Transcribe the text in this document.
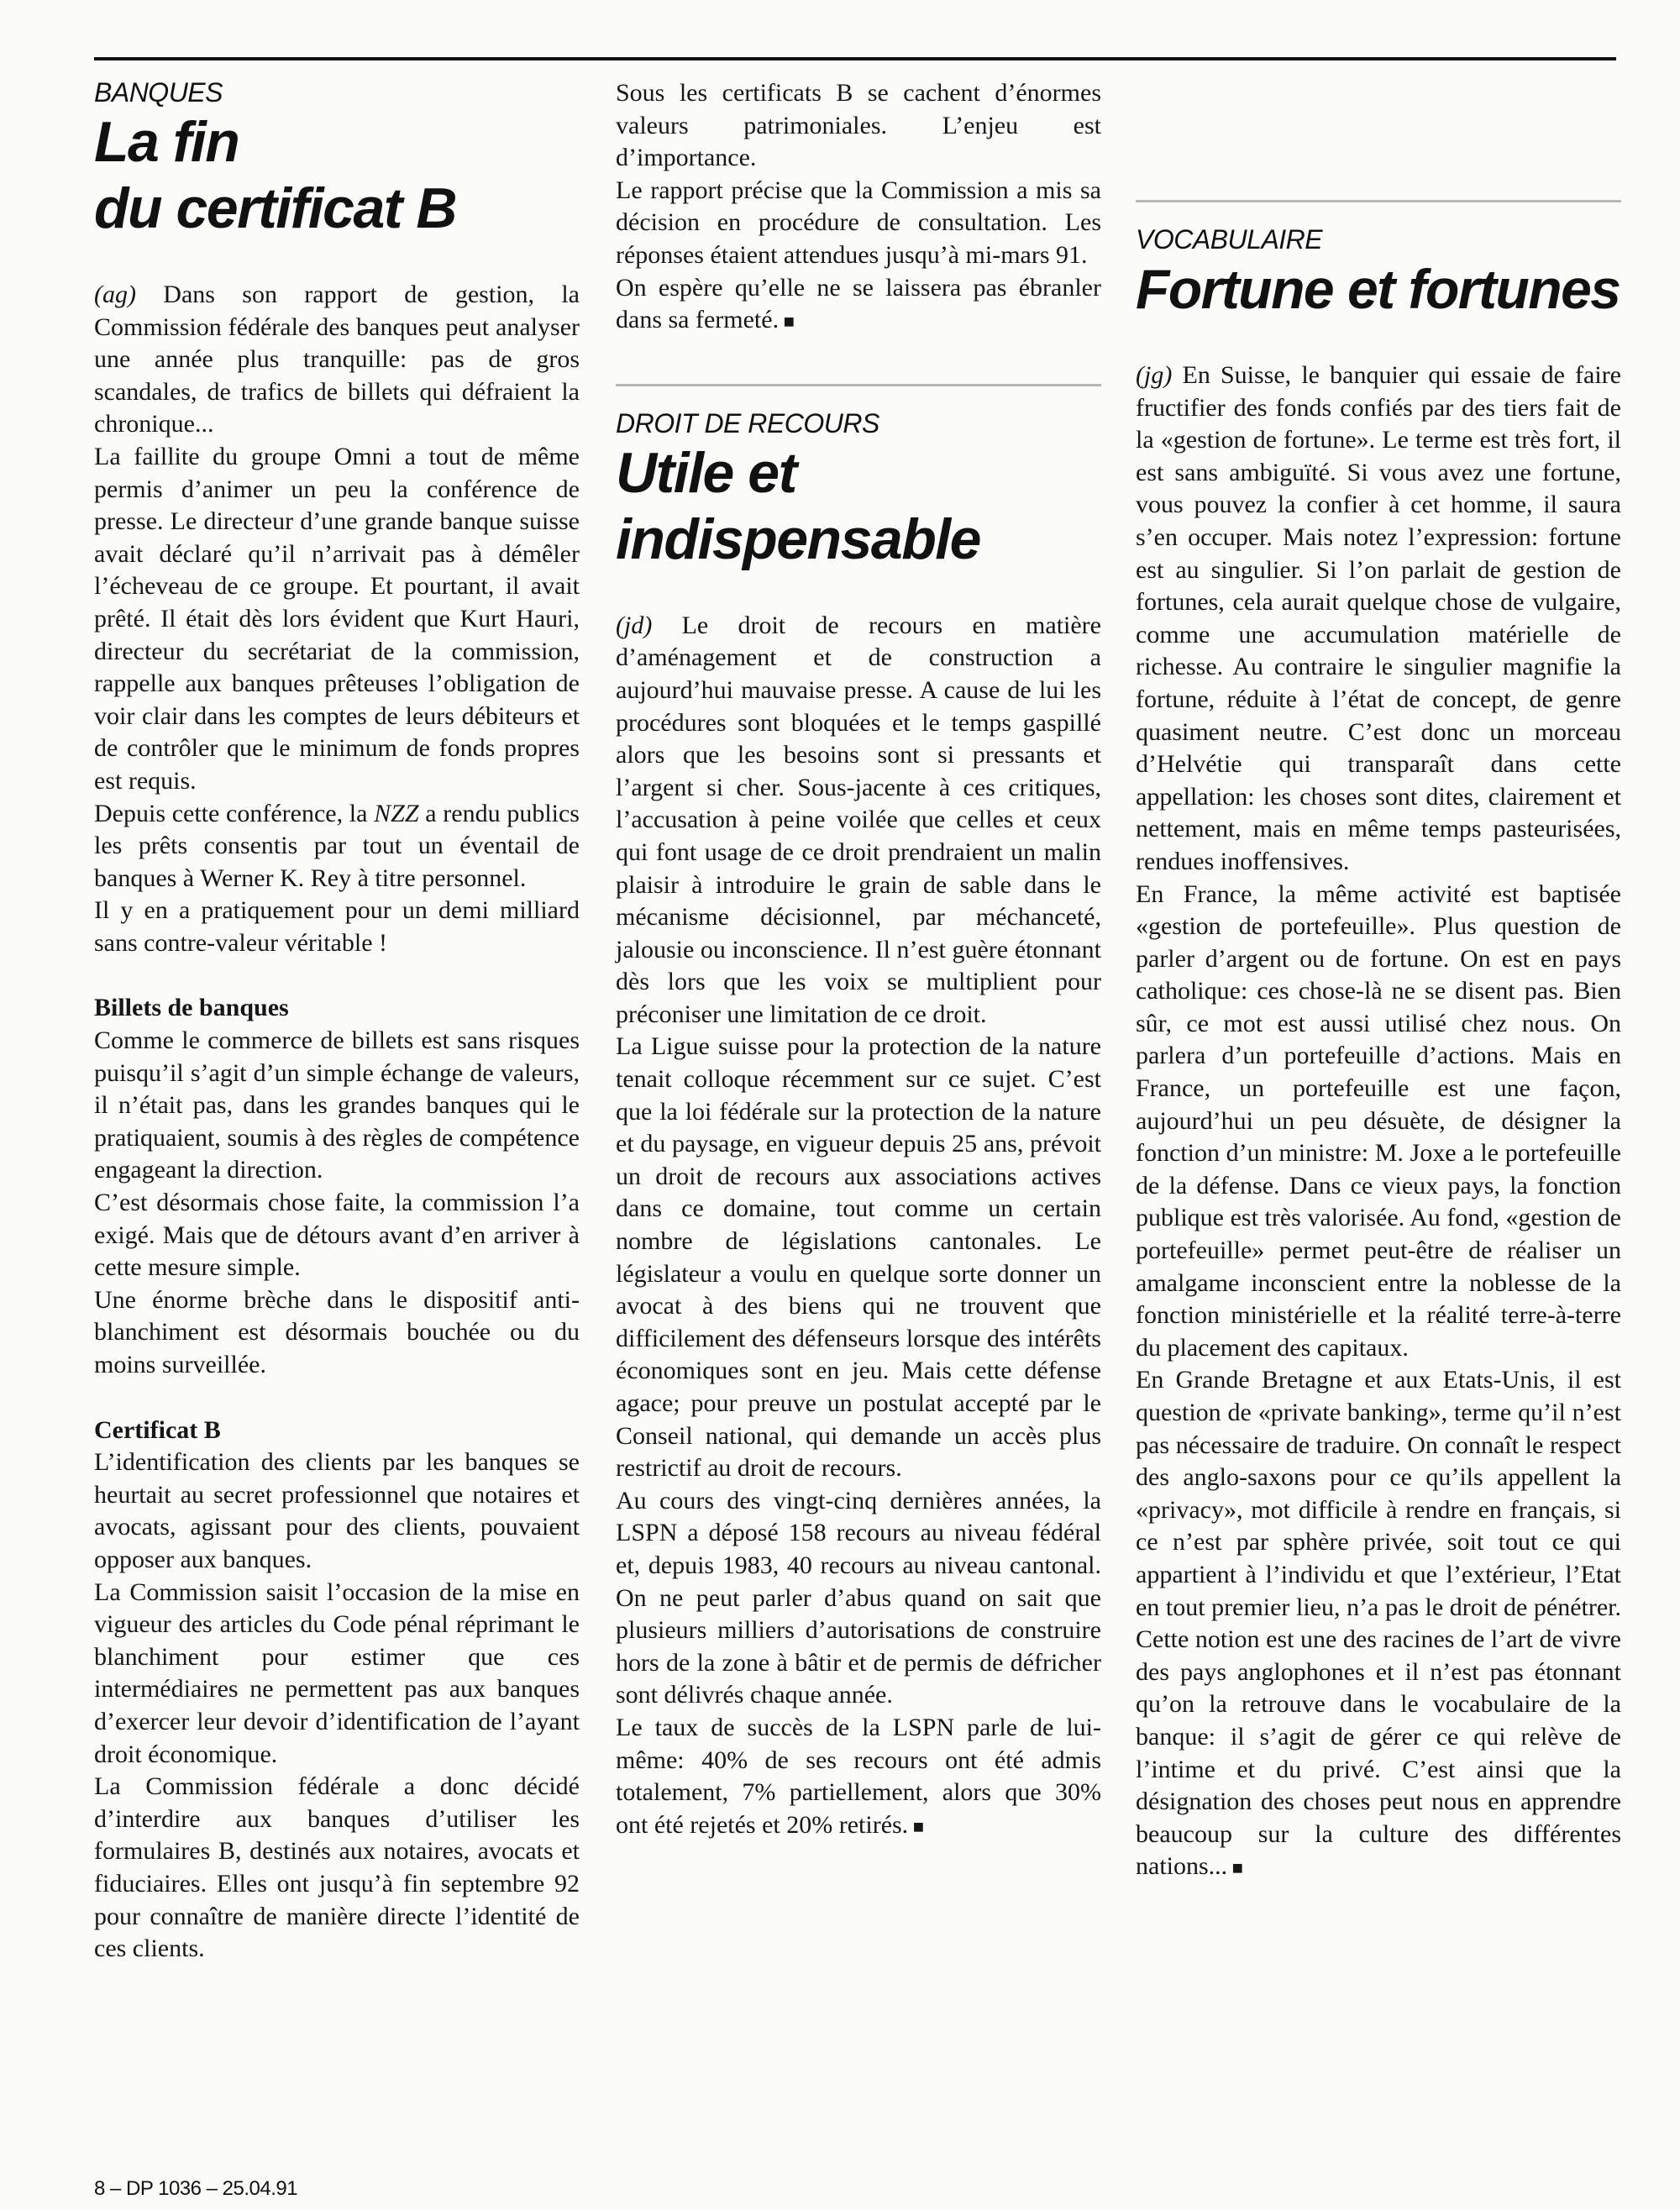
BANQUES
La fin
du certificat B

(ag) Dans son rapport de gestion, la Commission fédérale des banques peut analyser une année plus tranquille: pas de gros scandales, de trafics de billets qui défraient la chronique...

La faillite du groupe Omni a tout de même permis d’animer un peu la conférence de presse. Le directeur d’une grande banque suisse avait déclaré qu’il n’arrivait pas à démêler l’écheveau de ce groupe. Et pourtant, il avait prêté. Il était dès lors évident que Kurt Hauri, directeur du secrétariat de la commission, rappelle aux banques prêteuses l’obligation de voir clair dans les comptes de leurs débiteurs et de contrôler que le minimum de fonds propres est requis.

Depuis cette conférence, la NZZ a rendu publics les prêts consentis par tout un éventail de banques à Werner K. Rey à titre personnel.

Il y en a pratiquement pour un demi milliard sans contre-valeur véritable !

Billets de banques

Comme le commerce de billets est sans risques puisqu’il s’agit d’un simple échange de valeurs, il n’était pas, dans les grandes banques qui le pratiquaient, soumis à des règles de compétence engageant la direction.

C’est désormais chose faite, la commission l’a exigé. Mais que de détours avant d’en arriver à cette mesure simple.

Une énorme brèche dans le dispositif anti-blanchiment est désormais bouchée ou du moins surveillée.

Certificat B

L’identification des clients par les banques se heurtait au secret professionnel que notaires et avocats, agissant pour des clients, pouvaient opposer aux banques.

La Commission saisit l’occasion de la mise en vigueur des articles du Code pénal réprimant le blanchiment pour estimer que ces intermédiaires ne permettent pas aux banques d’exercer leur devoir d’identification de l’ayant droit économique.

La Commission fédérale a donc décidé d’interdire aux banques d’utiliser les formulaires B, destinés aux notaires, avocats et fiduciaires. Elles ont jusqu’à fin septembre 92 pour connaître de manière directe l’identité de ces clients.

Sous les certificats B se cachent d’énormes valeurs patrimoniales. L’enjeu est d’importance.

Le rapport précise que la Commission a mis sa décision en procédure de consultation. Les réponses étaient attendues jusqu’à mi-mars 91.

On espère qu’elle ne se laissera pas ébranler dans sa fermeté. ■

DROIT DE RECOURS
Utile et
indispensable

(jd) Le droit de recours en matière d’aménagement et de construction a aujourd’hui mauvaise presse. A cause de lui les procédures sont bloquées et le temps gaspillé alors que les besoins sont si pressants et l’argent si cher. Sous-jacente à ces critiques, l’accusation à peine voilée que celles et ceux qui font usage de ce droit prendraient un malin plaisir à introduire le grain de sable dans le mécanisme décisionnel, par méchanceté, jalousie ou inconscience. Il n’est guère étonnant dès lors que les voix se multiplient pour préconiser une limitation de ce droit.

La Ligue suisse pour la protection de la nature tenait colloque récemment sur ce sujet. C’est que la loi fédérale sur la protection de la nature et du paysage, en vigueur depuis 25 ans, prévoit un droit de recours aux associations actives dans ce domaine, tout comme un certain nombre de législations cantonales. Le législateur a voulu en quelque sorte donner un avocat à des biens qui ne trouvent que difficilement des défenseurs lorsque des intérêts économiques sont en jeu. Mais cette défense agace; pour preuve un postulat accepté par le Conseil national, qui demande un accès plus restrictif au droit de recours.

Au cours des vingt-cinq dernières années, la LSPN a déposé 158 recours au niveau fédéral et, depuis 1983, 40 recours au niveau cantonal. On ne peut parler d’abus quand on sait que plusieurs milliers d’autorisations de construire hors de la zone à bâtir et de permis de défricher sont délivrés chaque année.

Le taux de succès de la LSPN parle de lui-même: 40% de ses recours ont été admis totalement, 7% partiellement, alors que 30% ont été rejetés et 20% retirés. ■

VOCABULAIRE
Fortune et fortunes

(jg) En Suisse, le banquier qui essaie de faire fructifier des fonds confiés par des tiers fait de la «gestion de fortune». Le terme est très fort, il est sans ambiguïté. Si vous avez une fortune, vous pouvez la confier à cet homme, il saura s’en occuper. Mais notez l’expression: fortune est au singulier. Si l’on parlait de gestion de fortunes, cela aurait quelque chose de vulgaire, comme une accumulation matérielle de richesse. Au contraire le singulier magnifie la fortune, réduite à l’état de concept, de genre quasiment neutre. C’est donc un morceau d’Helvétie qui transparaît dans cette appellation: les choses sont dites, clairement et nettement, mais en même temps pasteurisées, rendues inoffensives.

En France, la même activité est baptisée «gestion de portefeuille». Plus question de parler d’argent ou de fortune. On est en pays catholique: ces chose-là ne se disent pas. Bien sûr, ce mot est aussi utilisé chez nous. On parlera d’un portefeuille d’actions. Mais en France, un portefeuille est une façon, aujourd’hui un peu désuète, de désigner la fonction d’un ministre: M. Joxe a le portefeuille de la défense. Dans ce vieux pays, la fonction publique est très valorisée. Au fond, «gestion de portefeuille» permet peut-être de réaliser un amalgame inconscient entre la noblesse de la fonction ministérielle et la réalité terre-à-terre du placement des capitaux.

En Grande Bretagne et aux Etats-Unis, il est question de «private banking», terme qu’il n’est pas nécessaire de traduire. On connaît le respect des anglo-saxons pour ce qu’ils appellent la «privacy», mot difficile à rendre en français, si ce n’est par sphère privée, soit tout ce qui appartient à l’individu et que l’extérieur, l’Etat en tout premier lieu, n’a pas le droit de pénétrer. Cette notion est une des racines de l’art de vivre des pays anglophones et il n’est pas étonnant qu’on la retrouve dans le vocabulaire de la banque: il s’agit de gérer ce qui relève de l’intime et du privé. C’est ainsi que la désignation des choses peut nous en apprendre beaucoup sur la culture des différentes nations... ■

8 – DP 1036 – 25.04.91
